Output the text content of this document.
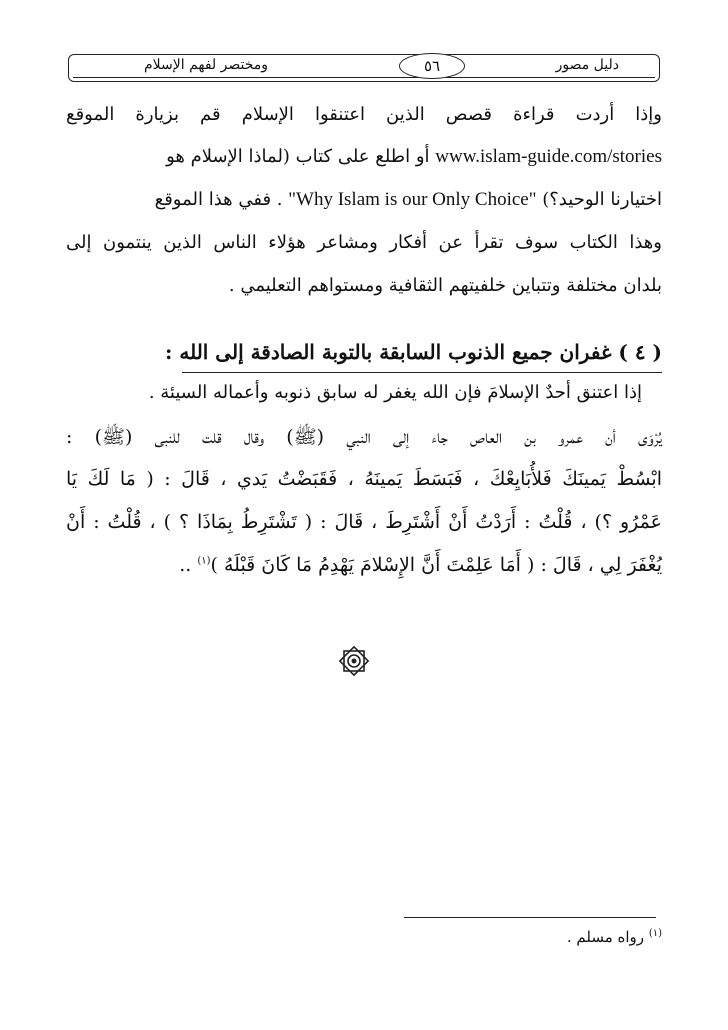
ومختصر لفهم الإسلام	٥٦	دليل مصور
وإذا أردت قراءة قصص الذين اعتنقوا الإسلام قم بزيارة الموقع
www.islam-guide.com/stories أو اطلع على كتاب (لماذا الإسلام هو
اختيارنا الوحيد؟) "Why Islam is our Only Choice" . ففي هذا الموقع
وهذا الكتاب سوف تقرأ عن أفكار ومشاعر هؤلاء الناس الذين ينتمون إلى
بلدان مختلفة وتتباين خلفيتهم الثقافية ومستواهم التعليمي .
( ٤ ) غفران جميع الذنوب السابقة بالتوبة الصادقة إلى الله :
إذا اعتنق أحدٌ الإسلامَ فإن الله يغفر له سابق ذنوبه وأعماله السيئة .
يُرْوَى أن عمرو بن العاص جاء إلى النبي (ﷺ) وقال قلت للنبى (ﷺ) :
ابْسُطْ يَمينَكَ فَلأُبَايِعْكَ ، فَبَسَطَ يَمينَهُ ، فَقَبَضْتُ يَدي ، قَالَ : ( مَا لَكَ يَا
عَمْرُو ؟) ، قُلْتُ : أَرَدْتُ أَنْ أَشْتَرِطَ ، قَالَ : ( تَشْتَرِطُ بِمَاذَا ؟ ) ، قُلْتُ : أَنْ
يُغْفَرَ لِي ، قَالَ : ( أَمَا عَلِمْتَ أَنَّ الإِسْلامَ يَهْدِمُ مَا كَانَ قَبْلَهُ )$^{(١)}$ ..
$^{(١)}$ رواه مسلم .
